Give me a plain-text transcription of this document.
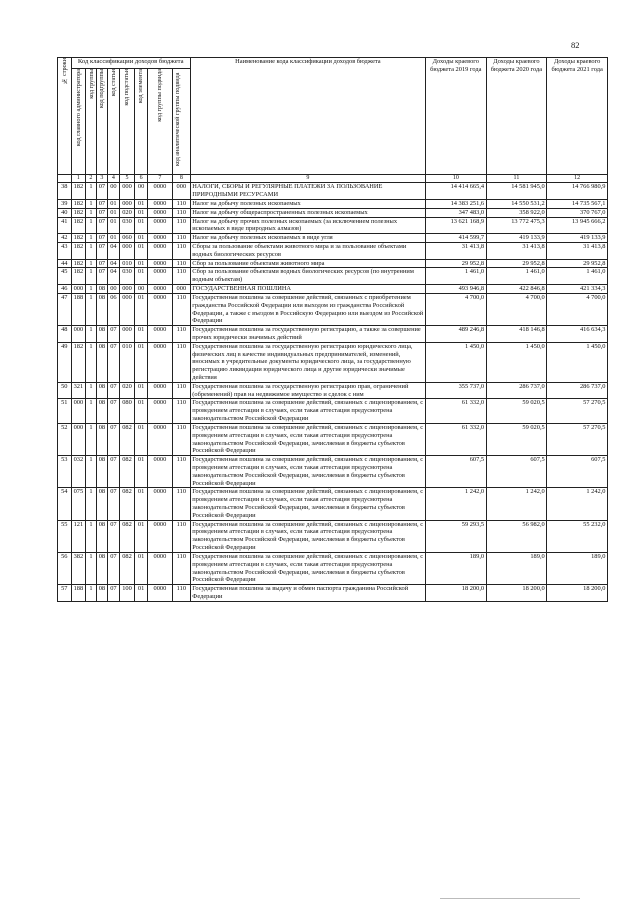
82
№ строки	Код классификации доходов бюджета								Наименование кода классификации доходов бюджета	Доходы краевого бюджета 2019 года	Доходы краевого бюджета 2020 года	Доходы краевого бюджета 2021 года

	код главного администратора	код группы	код подгруппы	код статьи	код подстатьи	код элемента	код группы подвида	код аналитической группы подвида				

	1	2	3	4	5	6	7	8	9	10	11	12
38	182	1	07	00	000	00	0000	000	НАЛОГИ, СБОРЫ И РЕГУЛЯРНЫЕ ПЛАТЕЖИ ЗА ПОЛЬЗОВАНИЕ ПРИРОДНЫМИ РЕСУРСАМИ	14 414 665,4	14 581 945,0	14 766 980,9
39	182	1	07	01	000	01	0000	110	Налог на добычу полезных ископаемых	14 383 251,6	14 550 531,2	14 735 567,1
40	182	1	07	01	020	01	0000	110	Налог на добычу общераспространенных полезных ископаемых	347 483,0	358 922,0	370 767,0
41	182	1	07	01	030	01	0000	110	Налог на добычу прочих полезных ископаемых (за исключением полезных ископаемых в виде природных алмазов)	13 621 168,9	13 772 475,3	13 945 666,2
42	182	1	07	01	060	01	0000	110	Налог на добычу полезных ископаемых в виде угля	414 599,7	419 133,9	419 133,9
43	182	1	07	04	000	01	0000	110	Сборы за пользование объектами животного мира и за пользование объектами водных биологических ресурсов	31 413,8	31 413,8	31 413,8
44	182	1	07	04	010	01	0000	110	Сбор за пользование объектами животного мира	29 952,8	29 952,8	29 952,8
45	182	1	07	04	030	01	0000	110	Сбор за пользование объектами водных биологических ресурсов (по внутренним водным объектам)	1 461,0	1 461,0	1 461,0
46	000	1	08	00	000	00	0000	000	ГОСУДАРСТВЕННАЯ ПОШЛИНА	493 946,8	422 846,8	421 334,3
47	188	1	08	06	000	01	0000	110	Государственная пошлина за совершение действий, связанных с приобретением гражданства Российской Федерации или выходом из гражданства Российской Федерации, а также с въездом в Российскую Федерацию или выездом из Российской Федерации	4 700,0	4 700,0	4 700,0
48	000	1	08	07	000	01	0000	110	Государственная пошлина за государственную регистрацию, а также за совершение прочих юридически значимых действий	489 246,8	418 146,8	416 634,3
49	182	1	08	07	010	01	0000	110	Государственная пошлина за государственную регистрацию юридического лица, физических лиц в качестве индивидуальных предпринимателей, изменений, вносимых в учредительные документы юридического лица, за государственную регистрацию ликвидации юридического лица и другие юридически значимые действия	1 450,0	1 450,0	1 450,0
50	321	1	08	07	020	01	0000	110	Государственная пошлина за государственную регистрацию прав, ограничений (обременений) прав на недвижимое имущество и сделок с ним	355 737,0	286 737,0	286 737,0
51	000	1	08	07	080	01	0000	110	Государственная пошлина за совершение действий, связанных с лицензированием, с проведением аттестации в случаях, если такая аттестация предусмотрена законодательством Российской Федерации	61 332,0	59 020,5	57 270,5
52	000	1	08	07	082	01	0000	110	Государственная пошлина за совершение действий, связанных с лицензированием, с проведением аттестации в случаях, если такая аттестация предусмотрена законодательством Российской Федерации, зачисляемая в бюджеты субъектов Российской Федерации	61 332,0	59 020,5	57 270,5
53	032	1	08	07	082	01	0000	110	Государственная пошлина за совершение действий, связанных с лицензированием, с проведением аттестации в случаях, если такая аттестация предусмотрена законодательством Российской Федерации, зачисляемая в бюджеты субъектов Российской Федерации	607,5	607,5	607,5
54	075	1	08	07	082	01	0000	110	Государственная пошлина за совершение действий, связанных с лицензированием, с проведением аттестации в случаях, если такая аттестация предусмотрена законодательством Российской Федерации, зачисляемая в бюджеты субъектов Российской Федерации	1 242,0	1 242,0	1 242,0
55	121	1	08	07	082	01	0000	110	Государственная пошлина за совершение действий, связанных с лицензированием, с проведением аттестации в случаях, если такая аттестация предусмотрена законодательством Российской Федерации, зачисляемая в бюджеты субъектов Российской Федерации	59 293,5	56 982,0	55 232,0
56	382	1	08	07	082	01	0000	110	Государственная пошлина за совершение действий, связанных с лицензированием, с проведением аттестации в случаях, если такая аттестация предусмотрена законодательством Российской Федерации, зачисляемая в бюджеты субъектов Российской Федерации	189,0	189,0	189,0
57	188	1	08	07	100	01	0000	110	Государственная пошлина за выдачу и обмен паспорта гражданина Российской Федерации	18 200,0	18 200,0	18 200,0
